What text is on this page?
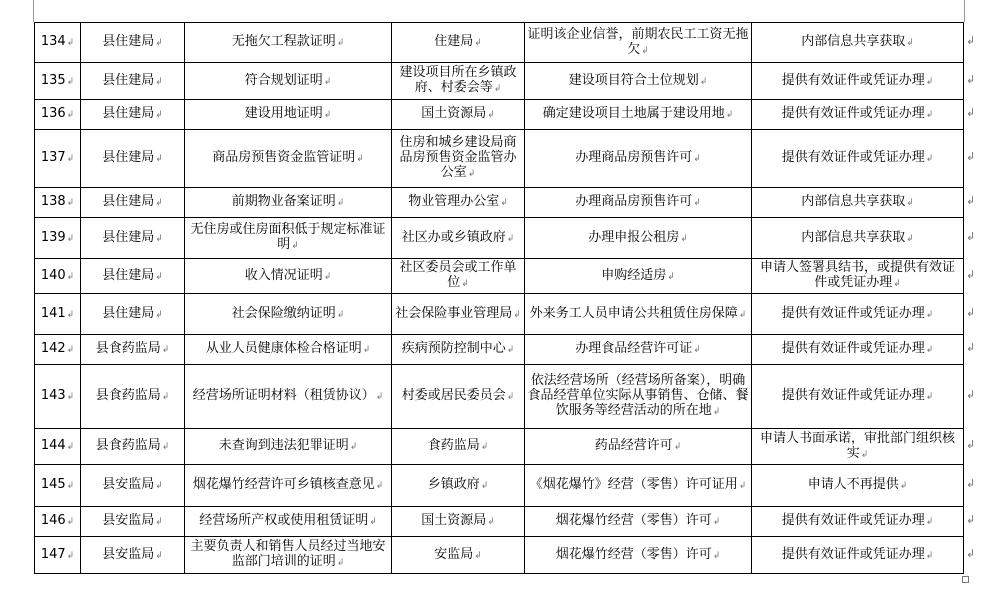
134↲	县住建局↲	无拖欠工程款证明↲	住建局↲	证明该企业信誉，前期农民工工资无拖欠↲	内部信息共享获取↲
135↲	县住建局↲	符合规划证明↲	建设项目所在乡镇政府、村委会等↲	建设项目符合土位规划↲	提供有效证件或凭证办理↲
136↲	县住建局↲	建设用地证明↲	国土资源局↲	确定建设项目土地属于建设用地↲	提供有效证件或凭证办理↲
137↲	县住建局↲	商品房预售资金监管证明↲	住房和城乡建设局商品房预售资金监管办公室↲	办理商品房预售许可↲	提供有效证件或凭证办理↲
138↲	县住建局↲	前期物业备案证明↲	物业管理办公室↲	办理商品房预售许可↲	内部信息共享获取↲
139↲	县住建局↲	无住房或住房面积低于规定标准证明↲	社区办或乡镇政府↲	办理申报公租房↲	内部信息共享获取↲
140↲	县住建局↲	收入情况证明↲	社区委员会或工作单位↲	申购经适房↲	申请人签署具结书，或提供有效证件或凭证办理↲
141↲	县住建局↲	社会保险缴纳证明↲	社会保险事业管理局↲	外来务工人员申请公共租赁住房保障↲	提供有效证件或凭证办理↲
142↲	县食药监局↲	从业人员健康体检合格证明↲	疾病预防控制中心↲	办理食品经营许可证↲	提供有效证件或凭证办理↲
143↲	县食药监局↲	经营场所证明材料（租赁协议）↲	村委或居民委员会↲	依法经营场所（经营场所备案），明确食品经营单位实际从事销售、仓储、餐饮服务等经营活动的所在地↲	提供有效证件或凭证办理↲
144↲	县食药监局↲	未查询到违法犯罪证明↲	食药监局↲	药品经营许可↲	申请人书面承诺，审批部门组织核实↲
145↲	县安监局↲	烟花爆竹经营许可乡镇核查意见↲	乡镇政府↲	《烟花爆竹》经营（零售）许可证用↲	申请人不再提供↲
146↲	县安监局↲	经营场所产权或使用租赁证明↲	国土资源局↲	烟花爆竹经营（零售）许可↲	提供有效证件或凭证办理↲
147↲	县安监局↲	主要负责人和销售人员经过当地安监部门培训的证明↲	安监局↲	烟花爆竹经营（零售）许可↲	提供有效证件或凭证办理↲
↲
↲
↲
↲
↲
↲
↲
↲
↲
↲
↲
↲
↲
↲
